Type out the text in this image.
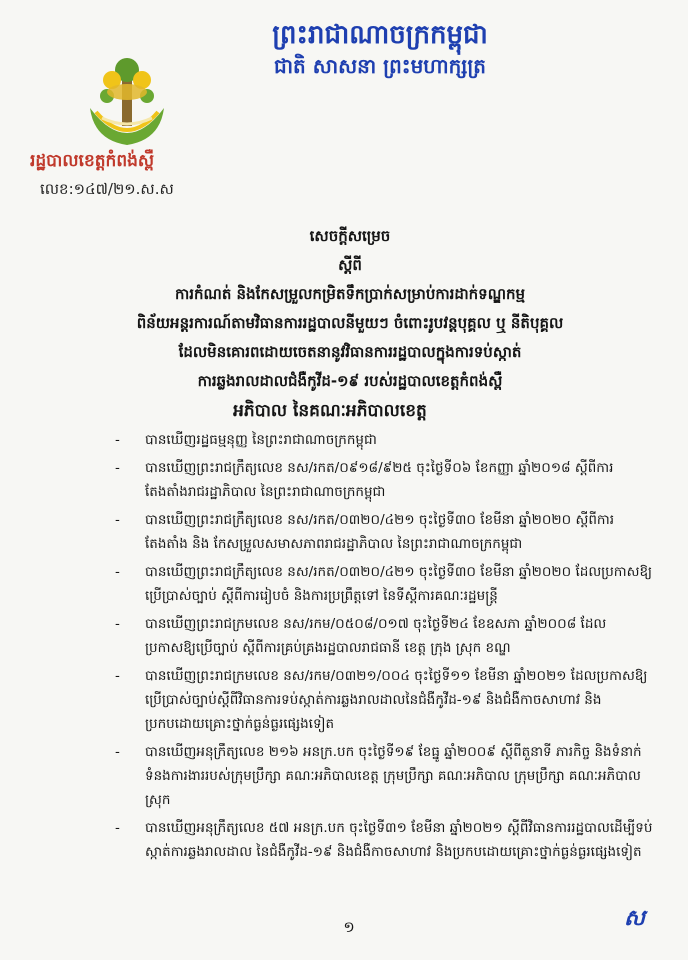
ព្រះរាជាណាចក្រកម្ពុជា
ជាតិ សាសនា ព្រះមហាក្សត្រ
រដ្ឋបាលខេត្តកំពង់ស្ពឺ
លេខ:១៤៧/២១.ស.ស
សេចក្តីសម្រេច
ស្តីពី
ការកំណត់ និងកែសម្រួលកម្រិតទឹកប្រាក់សម្រាប់ការដាក់ទណ្ឌកម្ម
ពិន័យអន្តរការណ៍តាមវិធានការរដ្ឋបាលនីមួយៗ ចំពោះរូបវន្តបុគ្គល ឬ នីតិបុគ្គល
ដែលមិនគោរពដោយចេតនានូវវិធានការរដ្ឋបាលក្នុងការទប់ស្កាត់
ការឆ្លងរាលដាលជំងឺកូវីដ-១៩ របស់រដ្ឋបាលខេត្តកំពង់ស្ពឺ
អភិបាល នៃគណៈអភិបាលខេត្ត
- បានឃើញរដ្ឋធម្មនុញ្ញ នៃព្រះរាជាណាចក្រកម្ពុជា
- បានឃើញព្រះរាជក្រឹត្យលេខ នស/រកត/០៩១៨/៩២៥ ចុះថ្ងៃទី០៦ ខែកញ្ញា ឆ្នាំ២០១៨ ស្តីពីការតែងតាំងរាជរដ្ឋាភិបាល នៃព្រះរាជាណាចក្រកម្ពុជា
- បានឃើញព្រះរាជក្រឹត្យលេខ នស/រកត/០៣២០/៤២១ ចុះថ្ងៃទី៣០ ខែមីនា ឆ្នាំ២០២០ ស្តីពីការតែងតាំង និង កែសម្រួលសមាសភាពរាជរដ្ឋាភិបាល នៃព្រះរាជាណាចក្រកម្ពុជា
- បានឃើញព្រះរាជក្រឹត្យលេខ នស/រកត/០៣២០/៤២១ ចុះថ្ងៃទី៣០ ខែមីនា ឆ្នាំ២០២០ ដែលប្រកាសឱ្យប្រើប្រាស់ច្បាប់ ស្តីពីការរៀបចំ និងការប្រព្រឹត្តទៅ នៃទីស្តីការគណៈរដ្ឋមន្ត្រី
- បានឃើញព្រះរាជក្រមលេខ នស/រកម/០៥០៨/០១៧ ចុះថ្ងៃទី២៤ ខែឧសភា ឆ្នាំ២០០៨ ដែលប្រកាសឱ្យប្រើច្បាប់ ស្តីពីការគ្រប់គ្រងរដ្ឋបាលរាជធានី ខេត្ត ក្រុង ស្រុក ខណ្ឌ
- បានឃើញព្រះរាជក្រមលេខ នស/រកម/០៣២១/០០៤ ចុះថ្ងៃទី១១ ខែមីនា ឆ្នាំ២០២១ ដែលប្រកាសឱ្យប្រើប្រាស់ច្បាប់ស្តីពីវិធានការទប់ស្កាត់ការឆ្លងរាលដាលនៃជំងឺកូវីដ-១៩ និងជំងឺកាចសាហាវ និងប្រកបដោយគ្រោះថ្នាក់ធ្ងន់ធ្ងរផ្សេងទៀត
- បានឃើញអនុក្រឹត្យលេខ ២១៦ អនក្រ.បក ចុះថ្ងៃទី១៩ ខែធ្នូ ឆ្នាំ២០០៩ ស្តីពីតួនាទី ភារកិច្ច និងទំនាក់ទំនងការងាររបស់ក្រុមប្រឹក្សា គណៈអភិបាលខេត្ត ក្រុមប្រឹក្សា គណៈអភិបាល ក្រុមប្រឹក្សា គណៈអភិបាលស្រុក
- បានឃើញអនុក្រឹត្យលេខ ៥៧ អនក្រ.បក ចុះថ្ងៃទី៣១ ខែមីនា ឆ្នាំ២០២១ ស្តីពីវិធានការរដ្ឋបាលដើម្បីទប់ស្កាត់ការឆ្លងរាលដាល នៃជំងឺកូវីដ-១៩ និងជំងឺកាចសាហាវ និងប្រកបដោយគ្រោះថ្នាក់ធ្ងន់ធ្ងរផ្សេងទៀត
១	ស
